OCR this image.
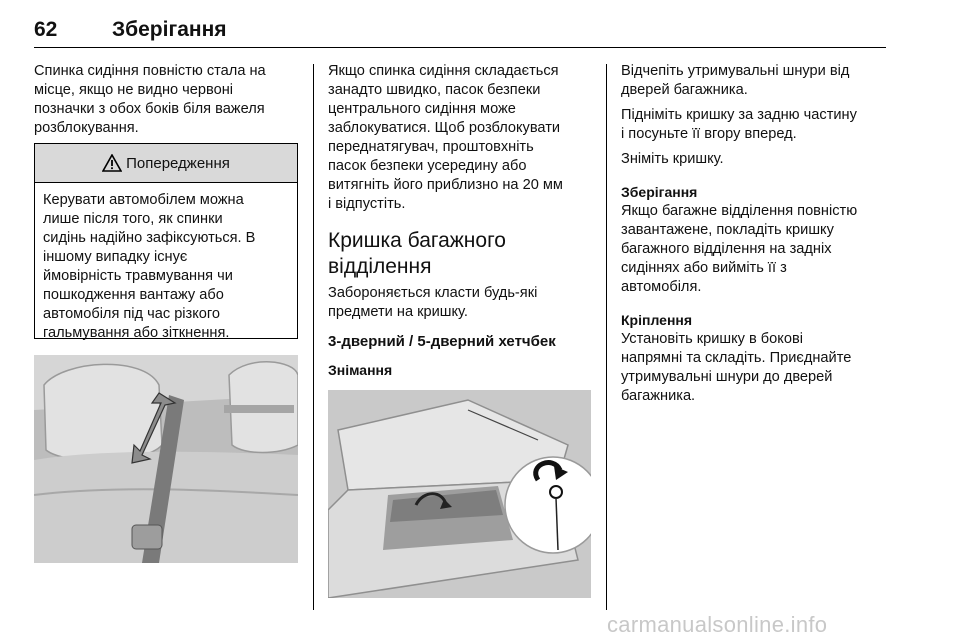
62	Зберігання

Спинка сидіння повністю стала на
місце, якщо не видно червоні
позначки з обох боків біля важеля
розблокування.

Попередження
Керувати автомобілем можна
лише після того, як спинки
сидінь надійно зафіксуються. В
іншому випадку існує
ймовірність травмування чи
пошкодження вантажу або
автомобіля під час різкого
гальмування або зіткнення.

Якщо спинка сидіння складається
занадто швидко, пасок безпеки
центрального сидіння може
заблокуватися. Щоб розблокувати
переднатягувач, проштовхніть
пасок безпеки усередину або
витягніть його приблизно на 20 мм
і відпустіть.

Кришка багажного
відділення

Забороняється класти будь-які
предмети на кришку.

3-дверний / 5-дверний хетчбек

Знімання

Відчепіть утримувальні шнури від
дверей багажника.

Підніміть кришку за задню частину
і посуньте її вгору вперед.

Зніміть кришку.

Зберігання

Якщо багажне відділення повністю
завантажене, покладіть кришку
багажного відділення на задніх
сидіннях або вийміть її з
автомобіля.

Кріплення

Установіть кришку в бокові
напрямні та складіть. Приєднайте
утримувальні шнури до дверей
багажника.

carmanualsonline.info
